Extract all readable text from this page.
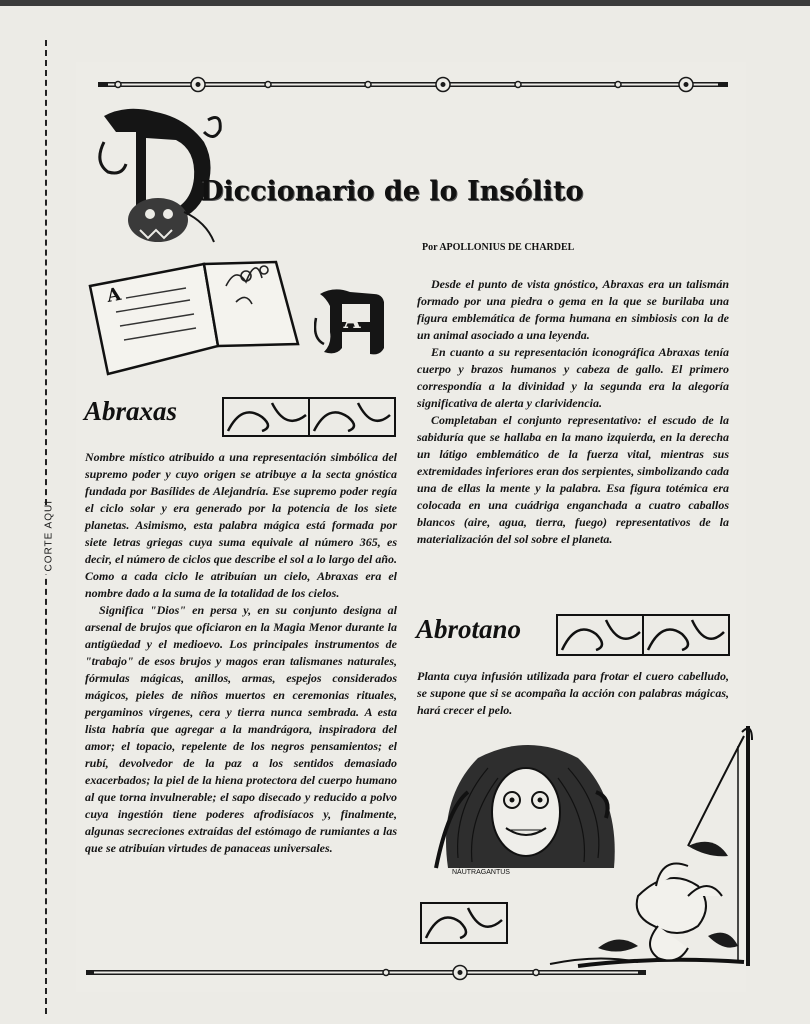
CORTE AQUI
Diccionario de lo Insólito
Por APOLLONIUS DE CHARDEL
A
A
Abraxas

Nombre místico atribuido a una representación simbólica del supremo poder y cuyo origen se atribuye a la secta gnóstica fundada por Basílides de Alejandría. Ese supremo poder regía el ciclo solar y era generado por la potencia de los siete planetas. Asimismo, esta palabra mágica está formada por siete letras griegas cuya suma equivale al número 365, es decir, el número de ciclos que describe el sol a lo largo del año. Como a cada ciclo le atribuían un cielo, Abraxas era el nombre dado a la suma de la totalidad de los cielos.

Significa "Dios" en persa y, en su conjunto designa al arsenal de brujos que oficiaron en la Magia Menor durante la antigüedad y el medioevo. Los principales instrumentos de "trabajo" de esos brujos y magos eran talismanes naturales, fórmulas mágicas, anillos, armas, espejos considerados mágicos, pieles de niños muertos en ceremonias rituales, pergaminos vírgenes, cera y tierra nunca sembrada. A esta lista habría que agregar a la mandrágora, inspiradora del amor; el topacio, repelente de los negros pensamientos; el rubí, devolvedor de la paz a los sentidos demasiado exacerbados; la piel de la hiena protectora del cuerpo humano al que torna invulnerable; el sapo disecado y reducido a polvo cuya ingestión tiene poderes afrodisíacos y, finalmente, algunas secreciones extraídas del estómago de rumiantes a las que se atribuían virtudes de panaceas universales.

Desde el punto de vista gnóstico, Abraxas era un talismán formado por una piedra o gema en la que se burilaba una figura emblemática de forma humana en simbiosis con la de un animal asociado a una leyenda.

En cuanto a su representación iconográfica Abraxas tenía cuerpo y brazos humanos y cabeza de gallo. El primero correspondía a la divinidad y la segunda era la alegoría significativa de alerta y clarividencia.

Completaban el conjunto representativo: el escudo de la sabiduría que se hallaba en la mano izquierda, en la derecha un látigo emblemático de la fuerza vital, mientras sus extremidades inferiores eran dos serpientes, simbolizando cada una de ellas la mente y la palabra. Esa figura totémica era colocada en una cuádriga enganchada a cuatro caballos blancos (aire, agua, tierra, fuego) representativos de la materialización del sol sobre el planeta.

Abrotano

Planta cuya infusión utilizada para frotar el cuero cabelludo, se supone que si se acompaña la acción con palabras mágicas, hará crecer el pelo.

NÁUTRAGANTUS
